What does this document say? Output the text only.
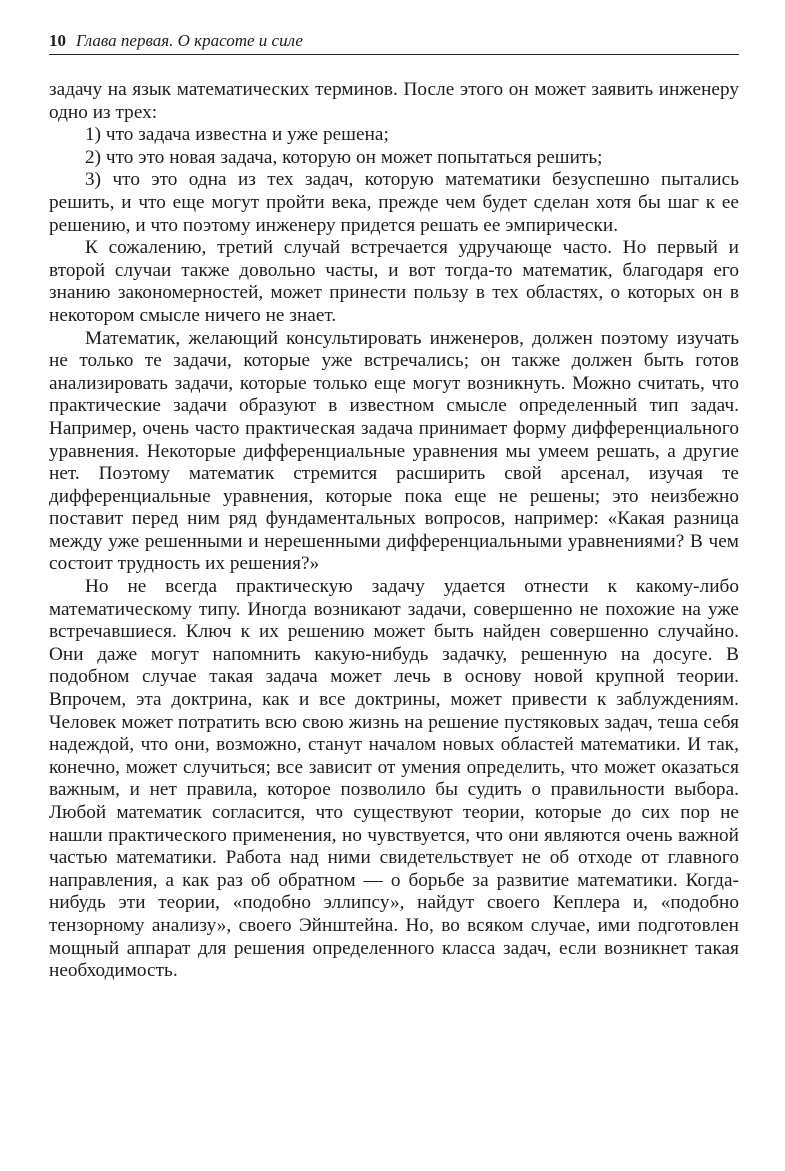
10 Глава первая. О красоте и силе

задачу на язык математических терминов. После этого он может заявить инженеру одно из трех:

1) что задача известна и уже решена;

2) что это новая задача, которую он может попытаться решить;

3) что это одна из тех задач, которую математики безуспешно пытались решить, и что еще могут пройти века, прежде чем будет сделан хотя бы шаг к ее решению, и что поэтому инженеру придется решать ее эмпирически.

К сожалению, третий случай встречается удручающе часто. Но первый и второй случаи также довольно часты, и вот тогда-то математик, благодаря его знанию закономерностей, может принести пользу в тех областях, о которых он в некотором смысле ничего не знает.

Математик, желающий консультировать инженеров, должен поэтому изучать не только те задачи, которые уже встречались; он также должен быть готов анализировать задачи, которые только еще могут возникнуть. Можно считать, что практические задачи образуют в известном смысле определенный тип задач. Например, очень часто практическая задача принимает форму дифференциального уравнения. Некоторые дифференциальные уравнения мы умеем решать, а другие нет. Поэтому математик стремится расширить свой арсенал, изучая те дифференциальные уравнения, которые пока еще не решены; это неизбежно поставит перед ним ряд фундаментальных вопросов, например: «Какая разница между уже решенными и нерешенными дифференциальными уравнениями? В чем состоит трудность их решения?»

Но не всегда практическую задачу удается отнести к какому-либо математическому типу. Иногда возникают задачи, совершенно не похожие на уже встречавшиеся. Ключ к их решению может быть найден совершенно случайно. Они даже могут напомнить какую-нибудь задачку, решенную на досуге. В подобном случае такая задача может лечь в основу новой крупной теории. Впрочем, эта доктрина, как и все доктрины, может привести к заблуждениям. Человек может потратить всю свою жизнь на решение пустяковых задач, теша себя надеждой, что они, возможно, станут началом новых областей математики. И так, конечно, может случиться; все зависит от умения определить, что может оказаться важным, и нет правила, которое позволило бы судить о правильности выбора. Любой математик согласится, что существуют теории, которые до сих пор не нашли практического применения, но чувствуется, что они являются очень важной частью математики. Работа над ними свидетельствует не об отходе от главного направления, а как раз об обратном — о борьбе за развитие математики. Когда-нибудь эти теории, «подобно эллипсу», найдут своего Кеплера и, «подобно тензорному анализу», своего Эйнштейна. Но, во всяком случае, ими подготовлен мощный аппарат для решения определенного класса задач, если возникнет такая необходимость.
